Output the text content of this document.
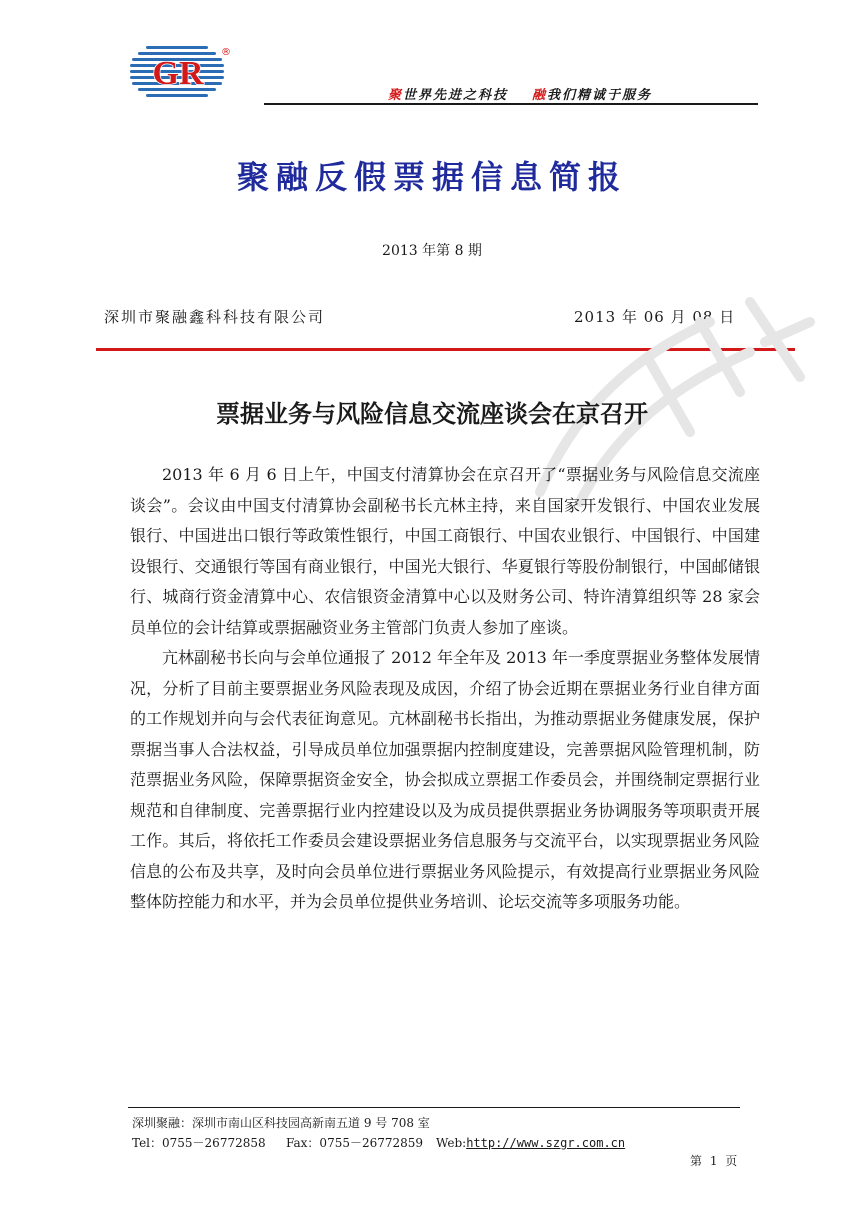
GR
®
聚世界先进之科技 融我们精诚于服务
聚融反假票据信息简报
2013 年第 8 期
深圳市聚融鑫科科技有限公司	2013 年 06 月 08 日
票据业务与风险信息交流座谈会在京召开

2013 年 6 月 6 日上午，中国支付清算协会在京召开了“票据业务与风险信息交流座谈会”。会议由中国支付清算协会副秘书长亢林主持，来自国家开发银行、中国农业发展银行、中国进出口银行等政策性银行，中国工商银行、中国农业银行、中国银行、中国建设银行、交通银行等国有商业银行，中国光大银行、华夏银行等股份制银行，中国邮储银行、城商行资金清算中心、农信银资金清算中心以及财务公司、特许清算组织等 28 家会员单位的会计结算或票据融资业务主管部门负责人参加了座谈。

亢林副秘书长向与会单位通报了 2012 年全年及 2013 年一季度票据业务整体发展情况，分析了目前主要票据业务风险表现及成因，介绍了协会近期在票据业务行业自律方面的工作规划并向与会代表征询意见。亢林副秘书长指出，为推动票据业务健康发展，保护票据当事人合法权益，引导成员单位加强票据内控制度建设，完善票据风险管理机制，防范票据业务风险，保障票据资金安全，协会拟成立票据工作委员会，并围绕制定票据行业规范和自律制度、完善票据行业内控建设以及为成员提供票据业务协调服务等项职责开展工作。其后，将依托工作委员会建设票据业务信息服务与交流平台，以实现票据业务风险信息的公布及共享，及时向会员单位进行票据业务风险提示，有效提高行业票据业务风险整体防控能力和水平，并为会员单位提供业务培训、论坛交流等多项服务功能。

深圳聚融：深圳市南山区科技园高新南五道 9 号 708 室
Tel：0755－26772858 Fax：0755－26772859 Web:http://www.szgr.com.cn
第 1 页
